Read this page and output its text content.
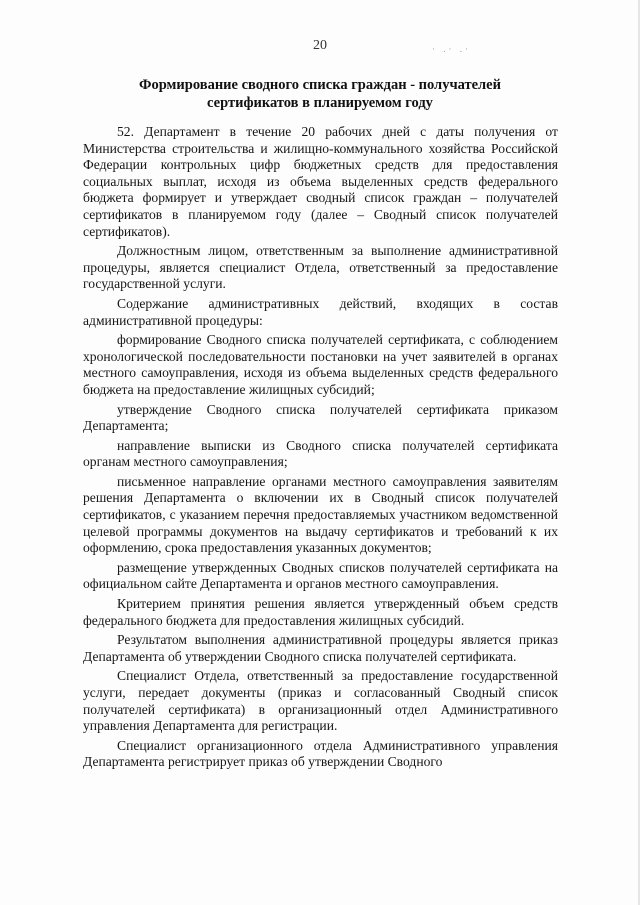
· .· .·
20
Формирование сводного списка граждан - получателей
сертификатов в планируемом году

52. Департамент в течение 20 рабочих дней с даты получения от Министерства строительства и жилищно-коммунального хозяйства Российской Федерации контрольных цифр бюджетных средств для предоставления социальных выплат, исходя из объема выделенных средств федерального бюджета формирует и утверждает сводный список граждан – получателей сертификатов в планируемом году (далее – Сводный список получателей сертификатов).

Должностным лицом, ответственным за выполнение административной процедуры, является специалист Отдела, ответственный за предоставление государственной услуги.

Содержание административных действий, входящих в состав административной процедуры:

формирование Сводного списка получателей сертификата, с соблюдением хронологической последовательности постановки на учет заявителей в органах местного самоуправления, исходя из объема выделенных средств федерального бюджета на предоставление жилищных субсидий;

утверждение Сводного списка получателей сертификата приказом Департамента;

направление выписки из Сводного списка получателей сертификата органам местного самоуправления;

письменное направление органами местного самоуправления заявителям решения Департамента о включении их в Сводный список получателей сертификатов, с указанием перечня предоставляемых участником ведомственной целевой программы документов на выдачу сертификатов и требований к их оформлению, срока предоставления указанных документов;

размещение утвержденных Сводных списков получателей сертификата на официальном сайте Департамента и органов местного самоуправления.

Критерием принятия решения является утвержденный объем средств федерального бюджета для предоставления жилищных субсидий.

Результатом выполнения административной процедуры является приказ Департамента об утверждении Сводного списка получателей сертификата.

Специалист Отдела, ответственный за предоставление государственной услуги, передает документы (приказ и согласованный Сводный список получателей сертификата) в организационный отдел Административного управления Департамента для регистрации.

Специалист организационного отдела Административного управления Департамента регистрирует приказ об утверждении Сводного
